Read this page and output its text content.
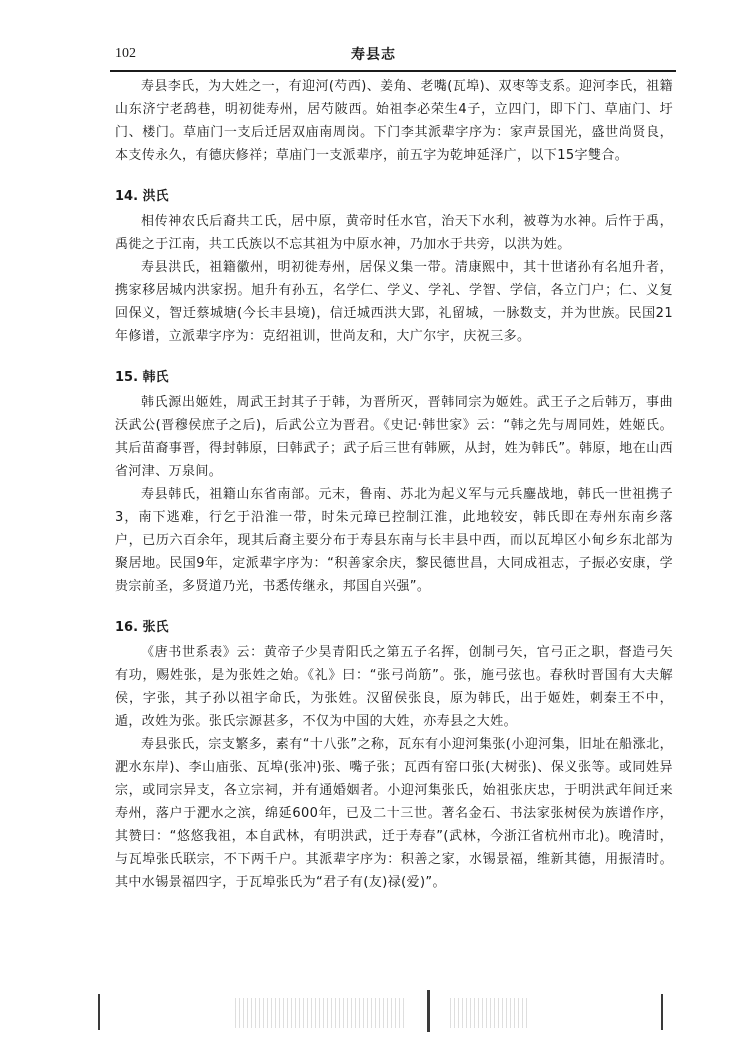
102	寿县志

寿县李氏，为大姓之一，有迎河(芍西)、姜角、老嘴(瓦埠)、双枣等支系。迎河李氏，祖籍山东济宁老鸹巷，明初徙寿州，居芍陂西。始祖李必荣生4子，立四门，即下门、草庙门、圩门、楼门。草庙门一支后迁居双庙南周岗。下门李其派辈字序为：家声景国光，盛世尚贤良，本支传永久，有德庆修祥；草庙门一支派辈序，前五字为乾坤延泽广，以下15字雙合。

14. 洪氏

相传神农氏后裔共工氏，居中原，黄帝时任水官，治天下水利，被尊为水神。后忤于禹，禹徙之于江南，共工氏族以不忘其祖为中原水神，乃加水于共旁，以洪为姓。

寿县洪氏，祖籍徽州，明初徙寿州，居保义集一带。清康熙中，其十世诸孙有名旭升者，携家移居城内洪家拐。旭升有孙五，名学仁、学义、学礼、学智、学信，各立门户；仁、义复回保义，智迁蔡城塘(今长丰县境)，信迁城西洪大郢，礼留城，一脉数支，并为世族。民国21年修谱，立派辈字序为：克绍祖训，世尚友和，大广尔宇，庆祝三多。

15. 韩氏

韩氏源出姬姓，周武王封其子于韩，为晋所灭，晋韩同宗为姬姓。武王子之后韩万，事曲沃武公(晋穆侯庶子之后)，后武公立为晋君。《史记·韩世家》云：“韩之先与周同姓，姓姬氏。其后苗裔事晋，得封韩原，曰韩武子；武子后三世有韩厥，从封，姓为韩氏”。韩原，地在山西省河津、万泉间。

寿县韩氏，祖籍山东省南部。元末，鲁南、苏北为起义军与元兵鏖战地，韩氏一世祖携子3，南下逃难，行乞于沿淮一带，时朱元璋已控制江淮，此地较安，韩氏即在寿州东南乡落户，已历六百余年，现其后裔主要分布于寿县东南与长丰县中西，而以瓦埠区小甸乡东北部为聚居地。民国9年，定派辈字序为：“积善家余庆，黎民德世昌，大同成祖志，子振必安康，学贵宗前圣，多贤道乃光，书悉传继永，邦国自兴强”。

16. 张氏

《唐书世系表》云：黄帝子少昊青阳氏之第五子名挥，创制弓矢，官弓正之职，督造弓矢有功，赐姓张，是为张姓之始。《礼》曰：“张弓尚筋”。张，施弓弦也。春秋时晋国有大夫解侯，字张，其子孙以祖字命氏，为张姓。汉留侯张良，原为韩氏，出于姬姓，刺秦王不中，遁，改姓为张。张氏宗源甚多，不仅为中国的大姓，亦寿县之大姓。

寿县张氏，宗支繁多，素有“十八张”之称，瓦东有小迎河集张(小迎河集，旧址在船涨北，淝水东岸)、李山庙张、瓦埠(张冲)张、嘴子张；瓦西有窑口张(大树张)、保义张等。或同姓异宗，或同宗异支，各立宗祠，并有通婚姻者。小迎河集张氏，始祖张庆忠，于明洪武年间迁来寿州，落户于淝水之滨，绵延600年，已及二十三世。著名金石、书法家张树侯为族谱作序，其赞曰：“悠悠我祖，本自武林，有明洪武，迁于寿春”(武林，今浙江省杭州市北)。晚清时，与瓦埠张氏联宗，不下两千户。其派辈字序为：积善之家，水锡景福，维新其德，用振清时。其中水锡景福四字，于瓦埠张氏为“君子有(友)禄(爱)”。
